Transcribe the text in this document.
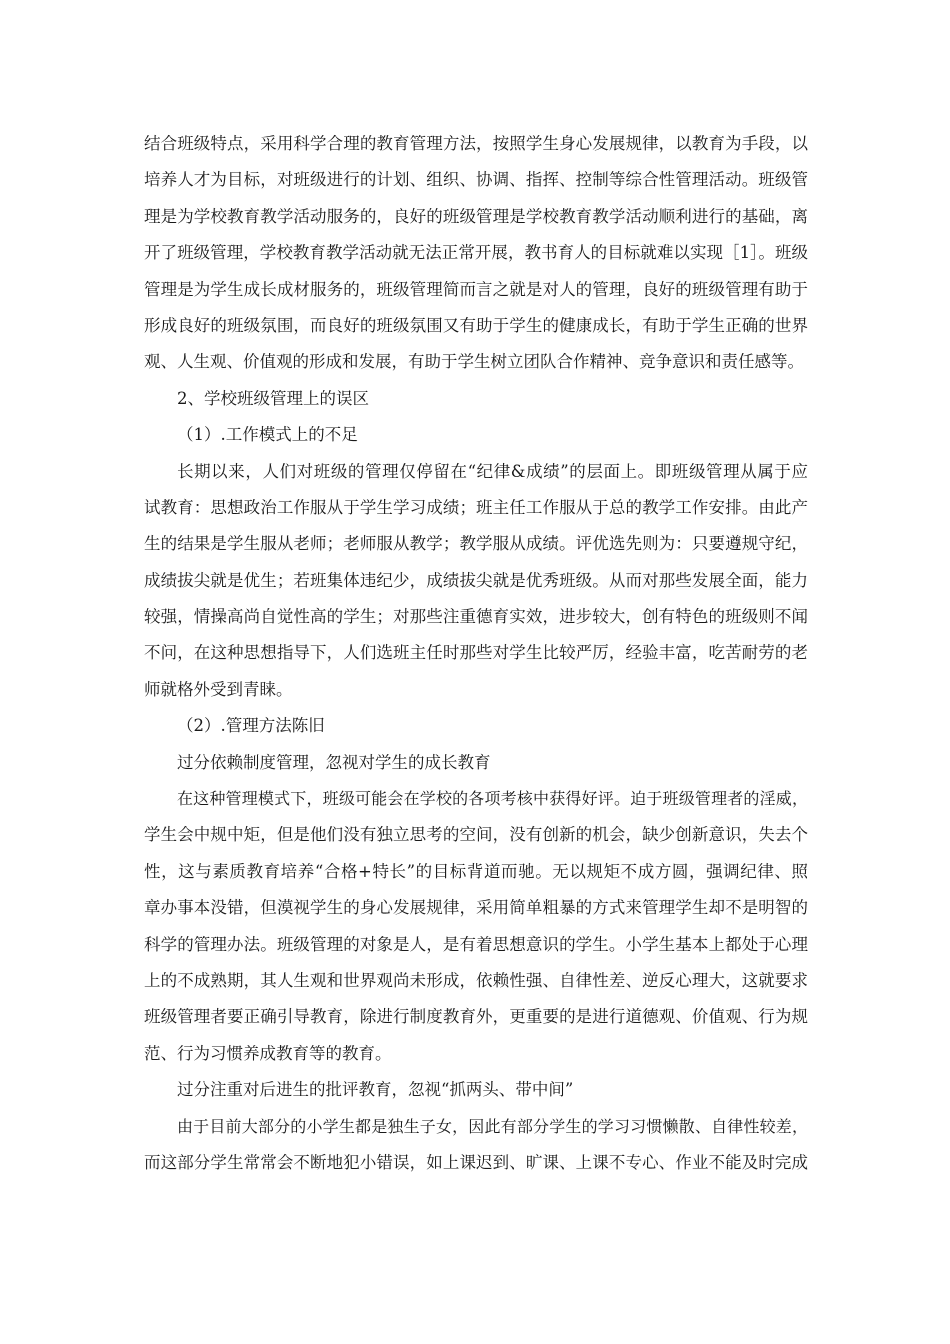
结合班级特点，采用科学合理的教育管理方法，按照学生身心发展规律，以教育为手段，以
培养人才为目标，对班级进行的计划、组织、协调、指挥、控制等综合性管理活动。班级管
理是为学校教育教学活动服务的，良好的班级管理是学校教育教学活动顺利进行的基础，离
开了班级管理，学校教育教学活动就无法正常开展，教书育人的目标就难以实现［1］。班级
管理是为学生成长成材服务的，班级管理简而言之就是对人的管理，良好的班级管理有助于
形成良好的班级氛围，而良好的班级氛围又有助于学生的健康成长，有助于学生正确的世界
观、人生观、价值观的形成和发展，有助于学生树立团队合作精神、竞争意识和责任感等。
2、学校班级管理上的误区
（1）.工作模式上的不足
长期以来，人们对班级的管理仅停留在“纪律&成绩”的层面上。即班级管理从属于应
试教育：思想政治工作服从于学生学习成绩；班主任工作服从于总的教学工作安排。由此产
生的结果是学生服从老师；老师服从教学；教学服从成绩。评优选先则为：只要遵规守纪，
成绩拔尖就是优生；若班集体违纪少，成绩拔尖就是优秀班级。从而对那些发展全面，能力
较强，情操高尚自觉性高的学生；对那些注重德育实效，进步较大，创有特色的班级则不闻
不问，在这种思想指导下，人们选班主任时那些对学生比较严厉，经验丰富，吃苦耐劳的老
师就格外受到青睐。
（2）.管理方法陈旧
过分依赖制度管理，忽视对学生的成长教育
在这种管理模式下，班级可能会在学校的各项考核中获得好评。迫于班级管理者的淫威，
学生会中规中矩，但是他们没有独立思考的空间，没有创新的机会，缺少创新意识，失去个
性，这与素质教育培养“合格+特长”的目标背道而驰。无以规矩不成方圆，强调纪律、照
章办事本没错，但漠视学生的身心发展规律，采用简单粗暴的方式来管理学生却不是明智的
科学的管理办法。班级管理的对象是人，是有着思想意识的学生。小学生基本上都处于心理
上的不成熟期，其人生观和世界观尚未形成，依赖性强、自律性差、逆反心理大，这就要求
班级管理者要正确引导教育，除进行制度教育外，更重要的是进行道德观、价值观、行为规
范、行为习惯养成教育等的教育。
过分注重对后进生的批评教育，忽视“抓两头、带中间”
由于目前大部分的小学生都是独生子女，因此有部分学生的学习习惯懒散、自律性较差，
而这部分学生常常会不断地犯小错误，如上课迟到、旷课、上课不专心、作业不能及时完成
